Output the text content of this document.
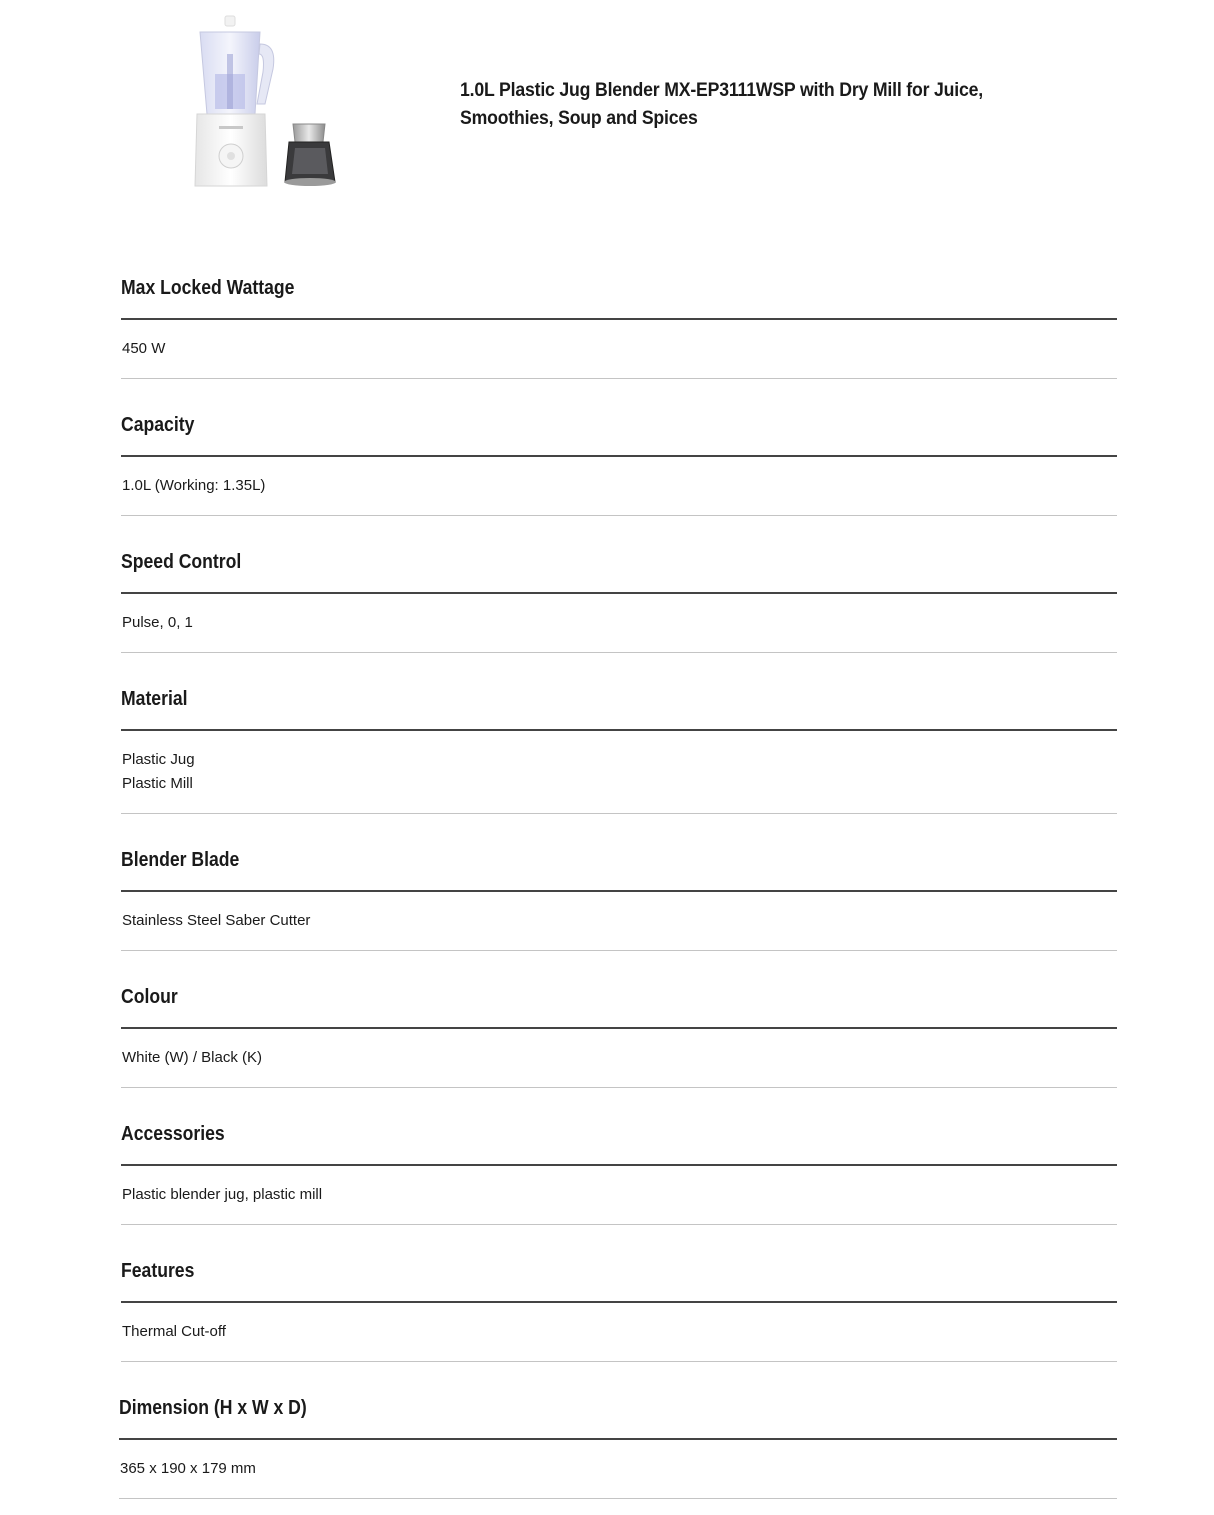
1.0L Plastic Jug Blender MX-EP3111WSP with Dry Mill for Juice, Smoothies, Soup and Spices
Max Locked Wattage
450 W
Capacity
1.0L (Working: 1.35L)
Speed Control
Pulse, 0, 1
Material
Plastic Jug
Plastic Mill
Blender Blade
Stainless Steel Saber Cutter
Colour
White (W) / Black (K)
Accessories
Plastic blender jug, plastic mill
Features
Thermal Cut-off
Dimension (H x W x D)
365 x 190 x 179 mm
